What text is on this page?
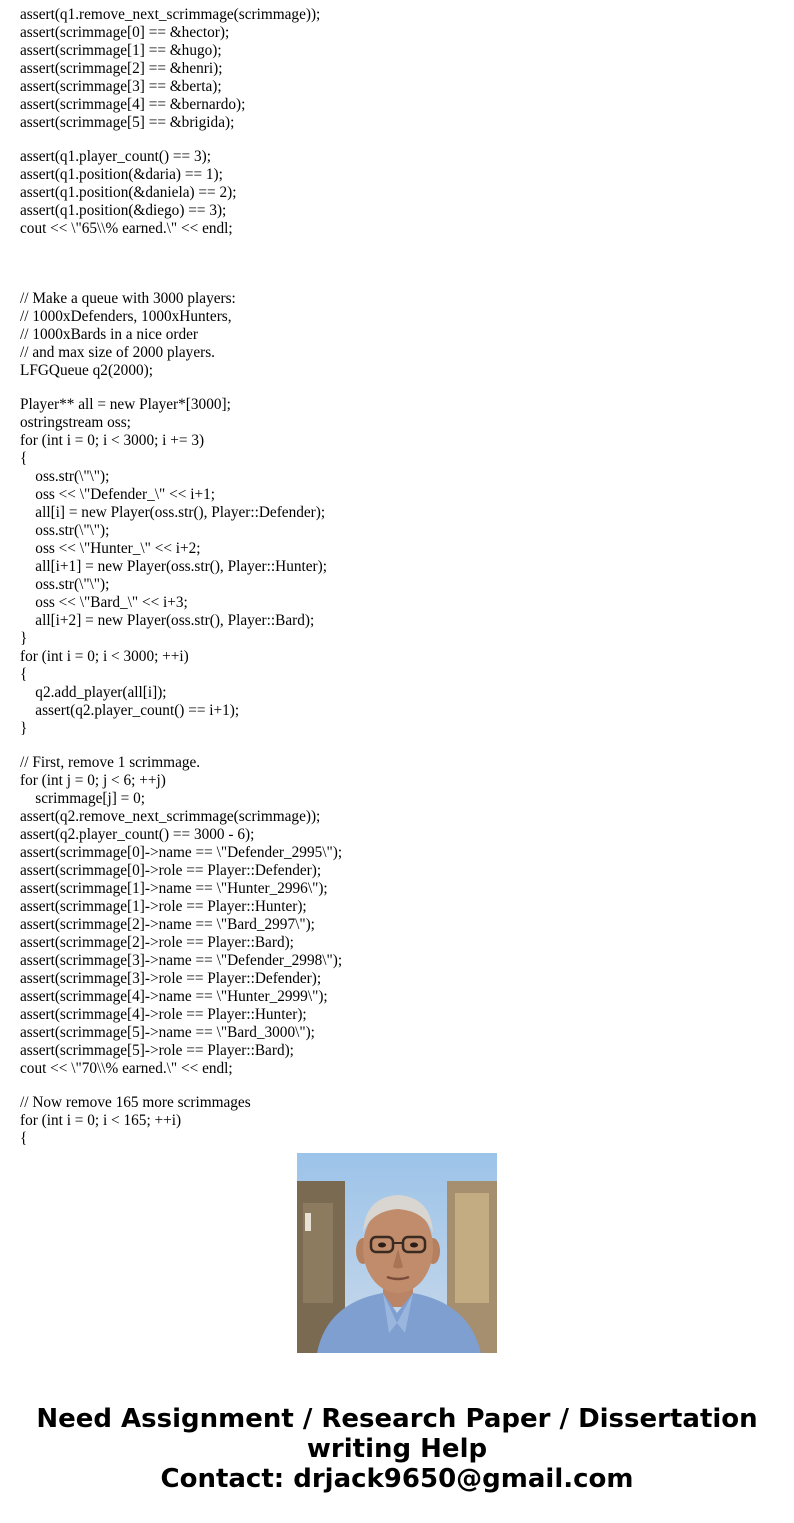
assert(q1.remove_next_scrimmage(scrimmage));
assert(scrimmage[0] == &hector);
assert(scrimmage[1] == &hugo);
assert(scrimmage[2] == &henri);
assert(scrimmage[3] == &berta);
assert(scrimmage[4] == &bernardo);
assert(scrimmage[5] == &brigida);
assert(q1.player_count() == 3);
assert(q1.position(&daria) == 1);
assert(q1.position(&daniela) == 2);
assert(q1.position(&diego) == 3);
cout << \"65\\% earned.\" << endl;
// Make a queue with 3000 players:
// 1000xDefenders, 1000xHunters,
// 1000xBards in a nice order
// and max size of 2000 players.
LFGQueue q2(2000);
Player** all = new Player*[3000];
ostringstream oss;
for (int i = 0; i < 3000; i += 3)
{
oss.str(\"\");
oss << \"Defender_\" << i+1;
all[i] = new Player(oss.str(), Player::Defender);
oss.str(\"\");
oss << \"Hunter_\" << i+2;
all[i+1] = new Player(oss.str(), Player::Hunter);
oss.str(\"\");
oss << \"Bard_\" << i+3;
all[i+2] = new Player(oss.str(), Player::Bard);
}
for (int i = 0; i < 3000; ++i)
{
q2.add_player(all[i]);
assert(q2.player_count() == i+1);
}
// First, remove 1 scrimmage.
for (int j = 0; j < 6; ++j)
scrimmage[j] = 0;
assert(q2.remove_next_scrimmage(scrimmage));
assert(q2.player_count() == 3000 - 6);
assert(scrimmage[0]->name == \"Defender_2995\");
assert(scrimmage[0]->role == Player::Defender);
assert(scrimmage[1]->name == \"Hunter_2996\");
assert(scrimmage[1]->role == Player::Hunter);
assert(scrimmage[2]->name == \"Bard_2997\");
assert(scrimmage[2]->role == Player::Bard);
assert(scrimmage[3]->name == \"Defender_2998\");
assert(scrimmage[3]->role == Player::Defender);
assert(scrimmage[4]->name == \"Hunter_2999\");
assert(scrimmage[4]->role == Player::Hunter);
assert(scrimmage[5]->name == \"Bard_3000\");
assert(scrimmage[5]->role == Player::Bard);
cout << \"70\\% earned.\" << endl;
// Now remove 165 more scrimmages
for (int i = 0; i < 165; ++i)
{
Need Assignment / Research Paper / Dissertation
writing Help
Contact: drjack9650@gmail.com
